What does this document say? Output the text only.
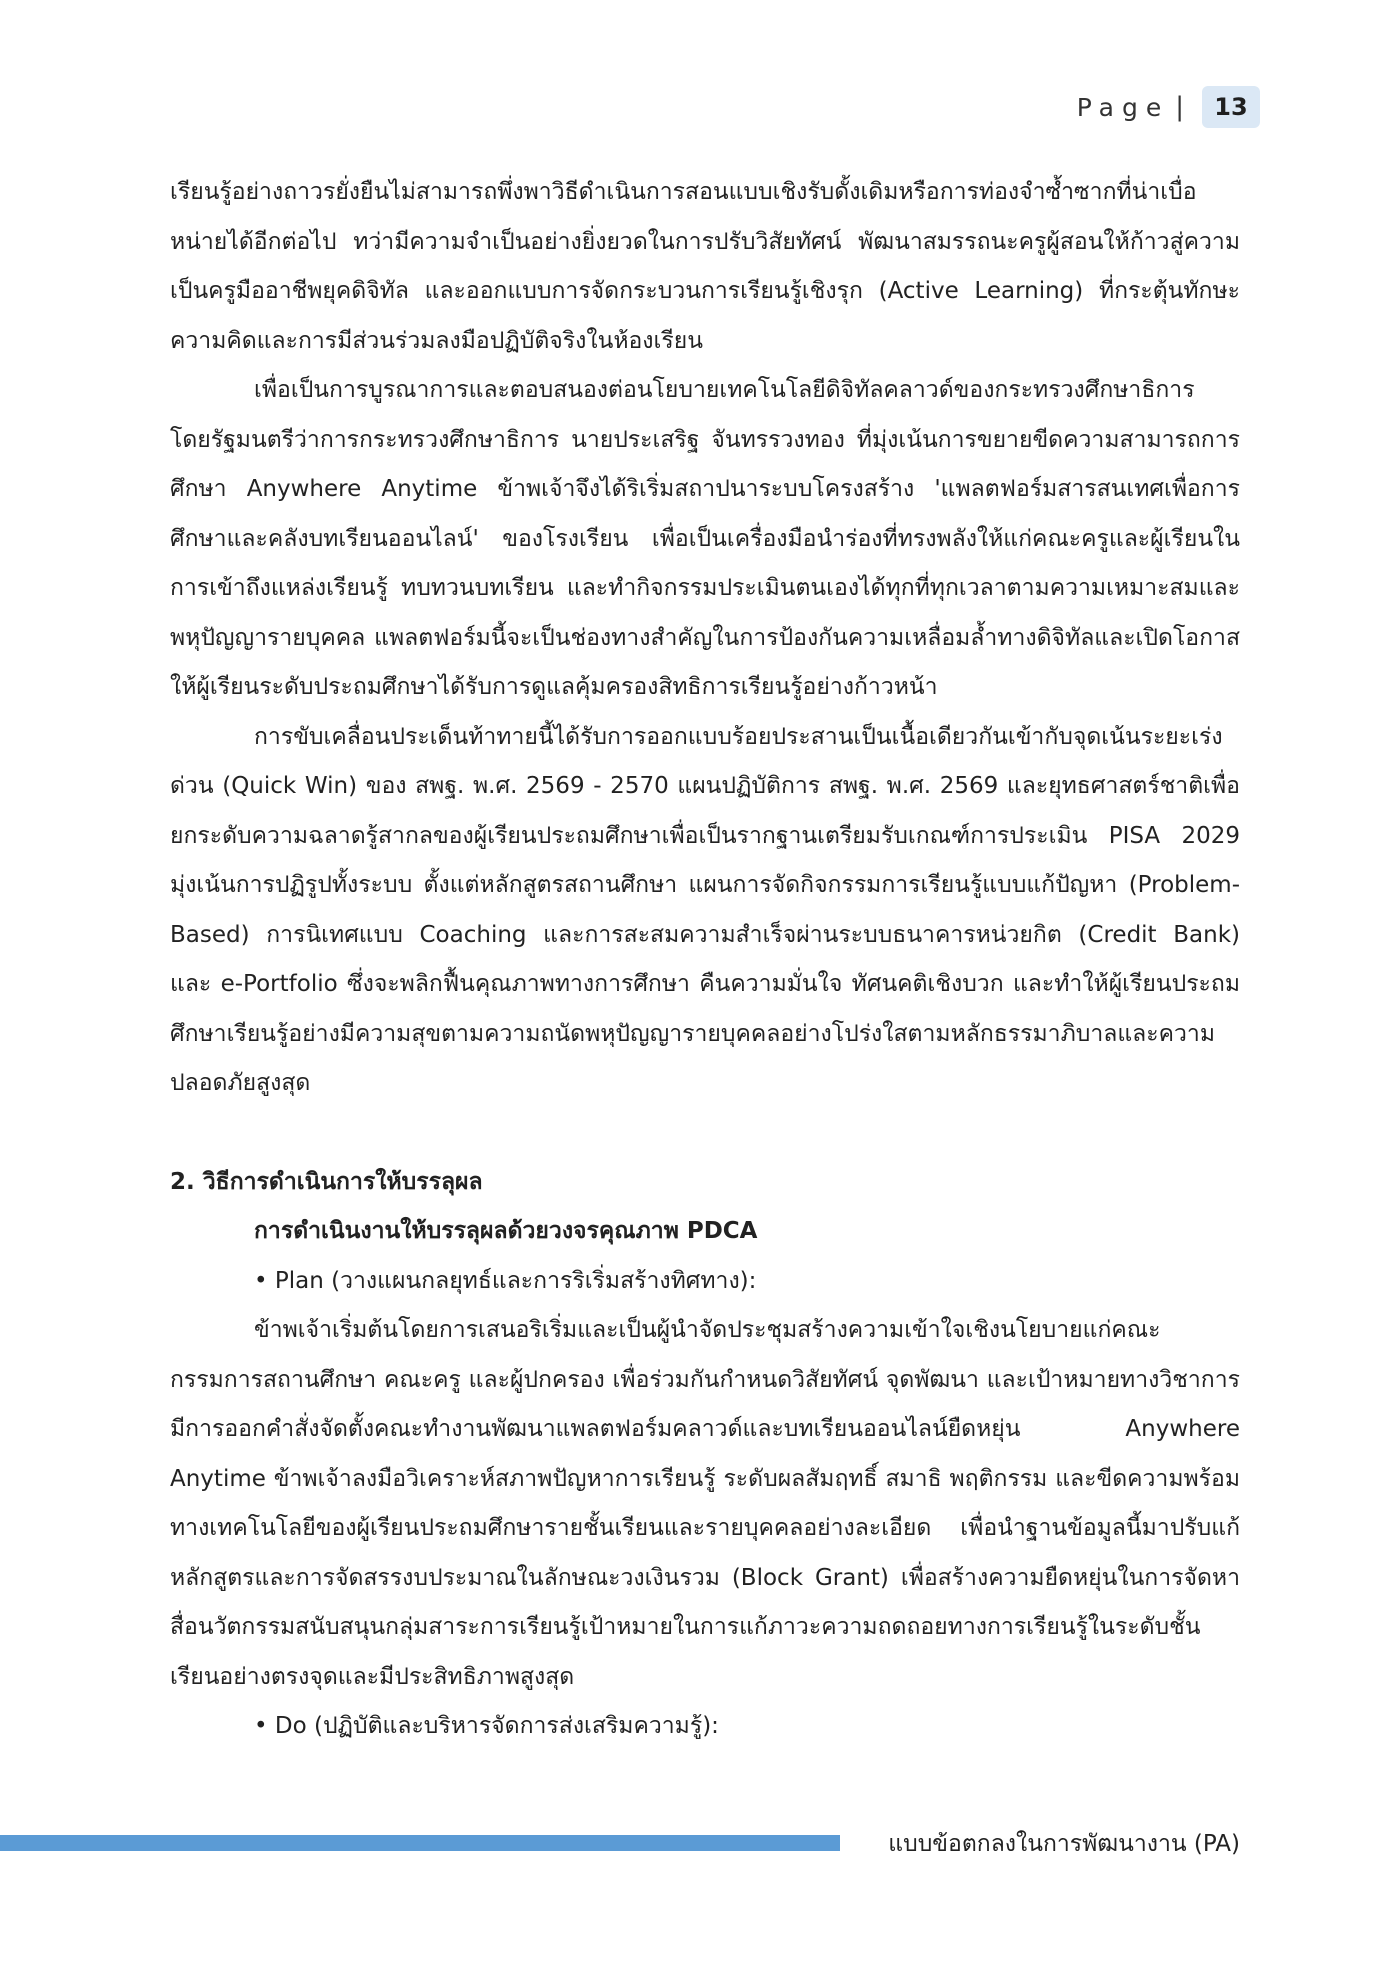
Page |	13

เรียนรู้อย่างถาวรยั่งยืนไม่สามารถพึ่งพาวิธีดำเนินการสอนแบบเชิงรับดั้งเดิมหรือการท่องจำซ้ำซากที่น่าเบื่อหน่ายได้อีกต่อไป ทว่ามีความจำเป็นอย่างยิ่งยวดในการปรับวิสัยทัศน์ พัฒนาสมรรถนะครูผู้สอนให้ก้าวสู่ความเป็นครูมืออาชีพยุคดิจิทัล และออกแบบการจัดกระบวนการเรียนรู้เชิงรุก (Active Learning) ที่กระตุ้นทักษะความคิดและการมีส่วนร่วมลงมือปฏิบัติจริงในห้องเรียน

เพื่อเป็นการบูรณาการและตอบสนองต่อนโยบายเทคโนโลยีดิจิทัลคลาวด์ของกระทรวงศึกษาธิการ โดยรัฐมนตรีว่าการกระทรวงศึกษาธิการ นายประเสริฐ จันทรรวงทอง ที่มุ่งเน้นการขยายขีดความสามารถการศึกษา Anywhere Anytime ข้าพเจ้าจึงได้ริเริ่มสถาปนาระบบโครงสร้าง 'แพลตฟอร์มสารสนเทศเพื่อการศึกษาและคลังบทเรียนออนไลน์' ของโรงเรียน เพื่อเป็นเครื่องมือนำร่องที่ทรงพลังให้แก่คณะครูและผู้เรียนในการเข้าถึงแหล่งเรียนรู้ ทบทวนบทเรียน และทำกิจกรรมประเมินตนเองได้ทุกที่ทุกเวลาตามความเหมาะสมและพหุปัญญารายบุคคล แพลตฟอร์มนี้จะเป็นช่องทางสำคัญในการป้องกันความเหลื่อมล้ำทางดิจิทัลและเปิดโอกาสให้ผู้เรียนระดับประถมศึกษาได้รับการดูแลคุ้มครองสิทธิการเรียนรู้อย่างก้าวหน้า

การขับเคลื่อนประเด็นท้าทายนี้ได้รับการออกแบบร้อยประสานเป็นเนื้อเดียวกันเข้ากับจุดเน้นระยะเร่งด่วน (Quick Win) ของ สพฐ. พ.ศ. 2569 - 2570 แผนปฏิบัติการ สพฐ. พ.ศ. 2569 และยุทธศาสตร์ชาติเพื่อยกระดับความฉลาดรู้สากลของผู้เรียนประถมศึกษาเพื่อเป็นรากฐานเตรียมรับเกณฑ์การประเมิน PISA 2029 มุ่งเน้นการปฏิรูปทั้งระบบ ตั้งแต่หลักสูตรสถานศึกษา แผนการจัดกิจกรรมการเรียนรู้แบบแก้ปัญหา (Problem-Based) การนิเทศแบบ Coaching และการสะสมความสำเร็จผ่านระบบธนาคารหน่วยกิต (Credit Bank) และ e-Portfolio ซึ่งจะพลิกฟื้นคุณภาพทางการศึกษา คืนความมั่นใจ ทัศนคติเชิงบวก และทำให้ผู้เรียนประถมศึกษาเรียนรู้อย่างมีความสุขตามความถนัดพหุปัญญารายบุคคลอย่างโปร่งใสตามหลักธรรมาภิบาลและความปลอดภัยสูงสุด

2. วิธีการดำเนินการให้บรรลุผล

การดำเนินงานให้บรรลุผลด้วยวงจรคุณภาพ PDCA

• Plan (วางแผนกลยุทธ์และการริเริ่มสร้างทิศทาง):

ข้าพเจ้าเริ่มต้นโดยการเสนอริเริ่มและเป็นผู้นำจัดประชุมสร้างความเข้าใจเชิงนโยบายแก่คณะกรรมการสถานศึกษา คณะครู และผู้ปกครอง เพื่อร่วมกันกำหนดวิสัยทัศน์ จุดพัฒนา และเป้าหมายทางวิชาการ มีการออกคำสั่งจัดตั้งคณะทำงานพัฒนาแพลตฟอร์มคลาวด์และบทเรียนออนไลน์ยืดหยุ่น Anywhere Anytime ข้าพเจ้าลงมือวิเคราะห์สภาพปัญหาการเรียนรู้ ระดับผลสัมฤทธิ์ สมาธิ พฤติกรรม และขีดความพร้อมทางเทคโนโลยีของผู้เรียนประถมศึกษารายชั้นเรียนและรายบุคคลอย่างละเอียด เพื่อนำฐานข้อมูลนี้มาปรับแก้หลักสูตรและการจัดสรรงบประมาณในลักษณะวงเงินรวม (Block Grant) เพื่อสร้างความยืดหยุ่นในการจัดหาสื่อนวัตกรรมสนับสนุนกลุ่มสาระการเรียนรู้เป้าหมายในการแก้ภาวะความถดถอยทางการเรียนรู้ในระดับชั้นเรียนอย่างตรงจุดและมีประสิทธิภาพสูงสุด

• Do (ปฏิบัติและบริหารจัดการส่งเสริมความรู้):

แบบข้อตกลงในการพัฒนางาน (PA)
